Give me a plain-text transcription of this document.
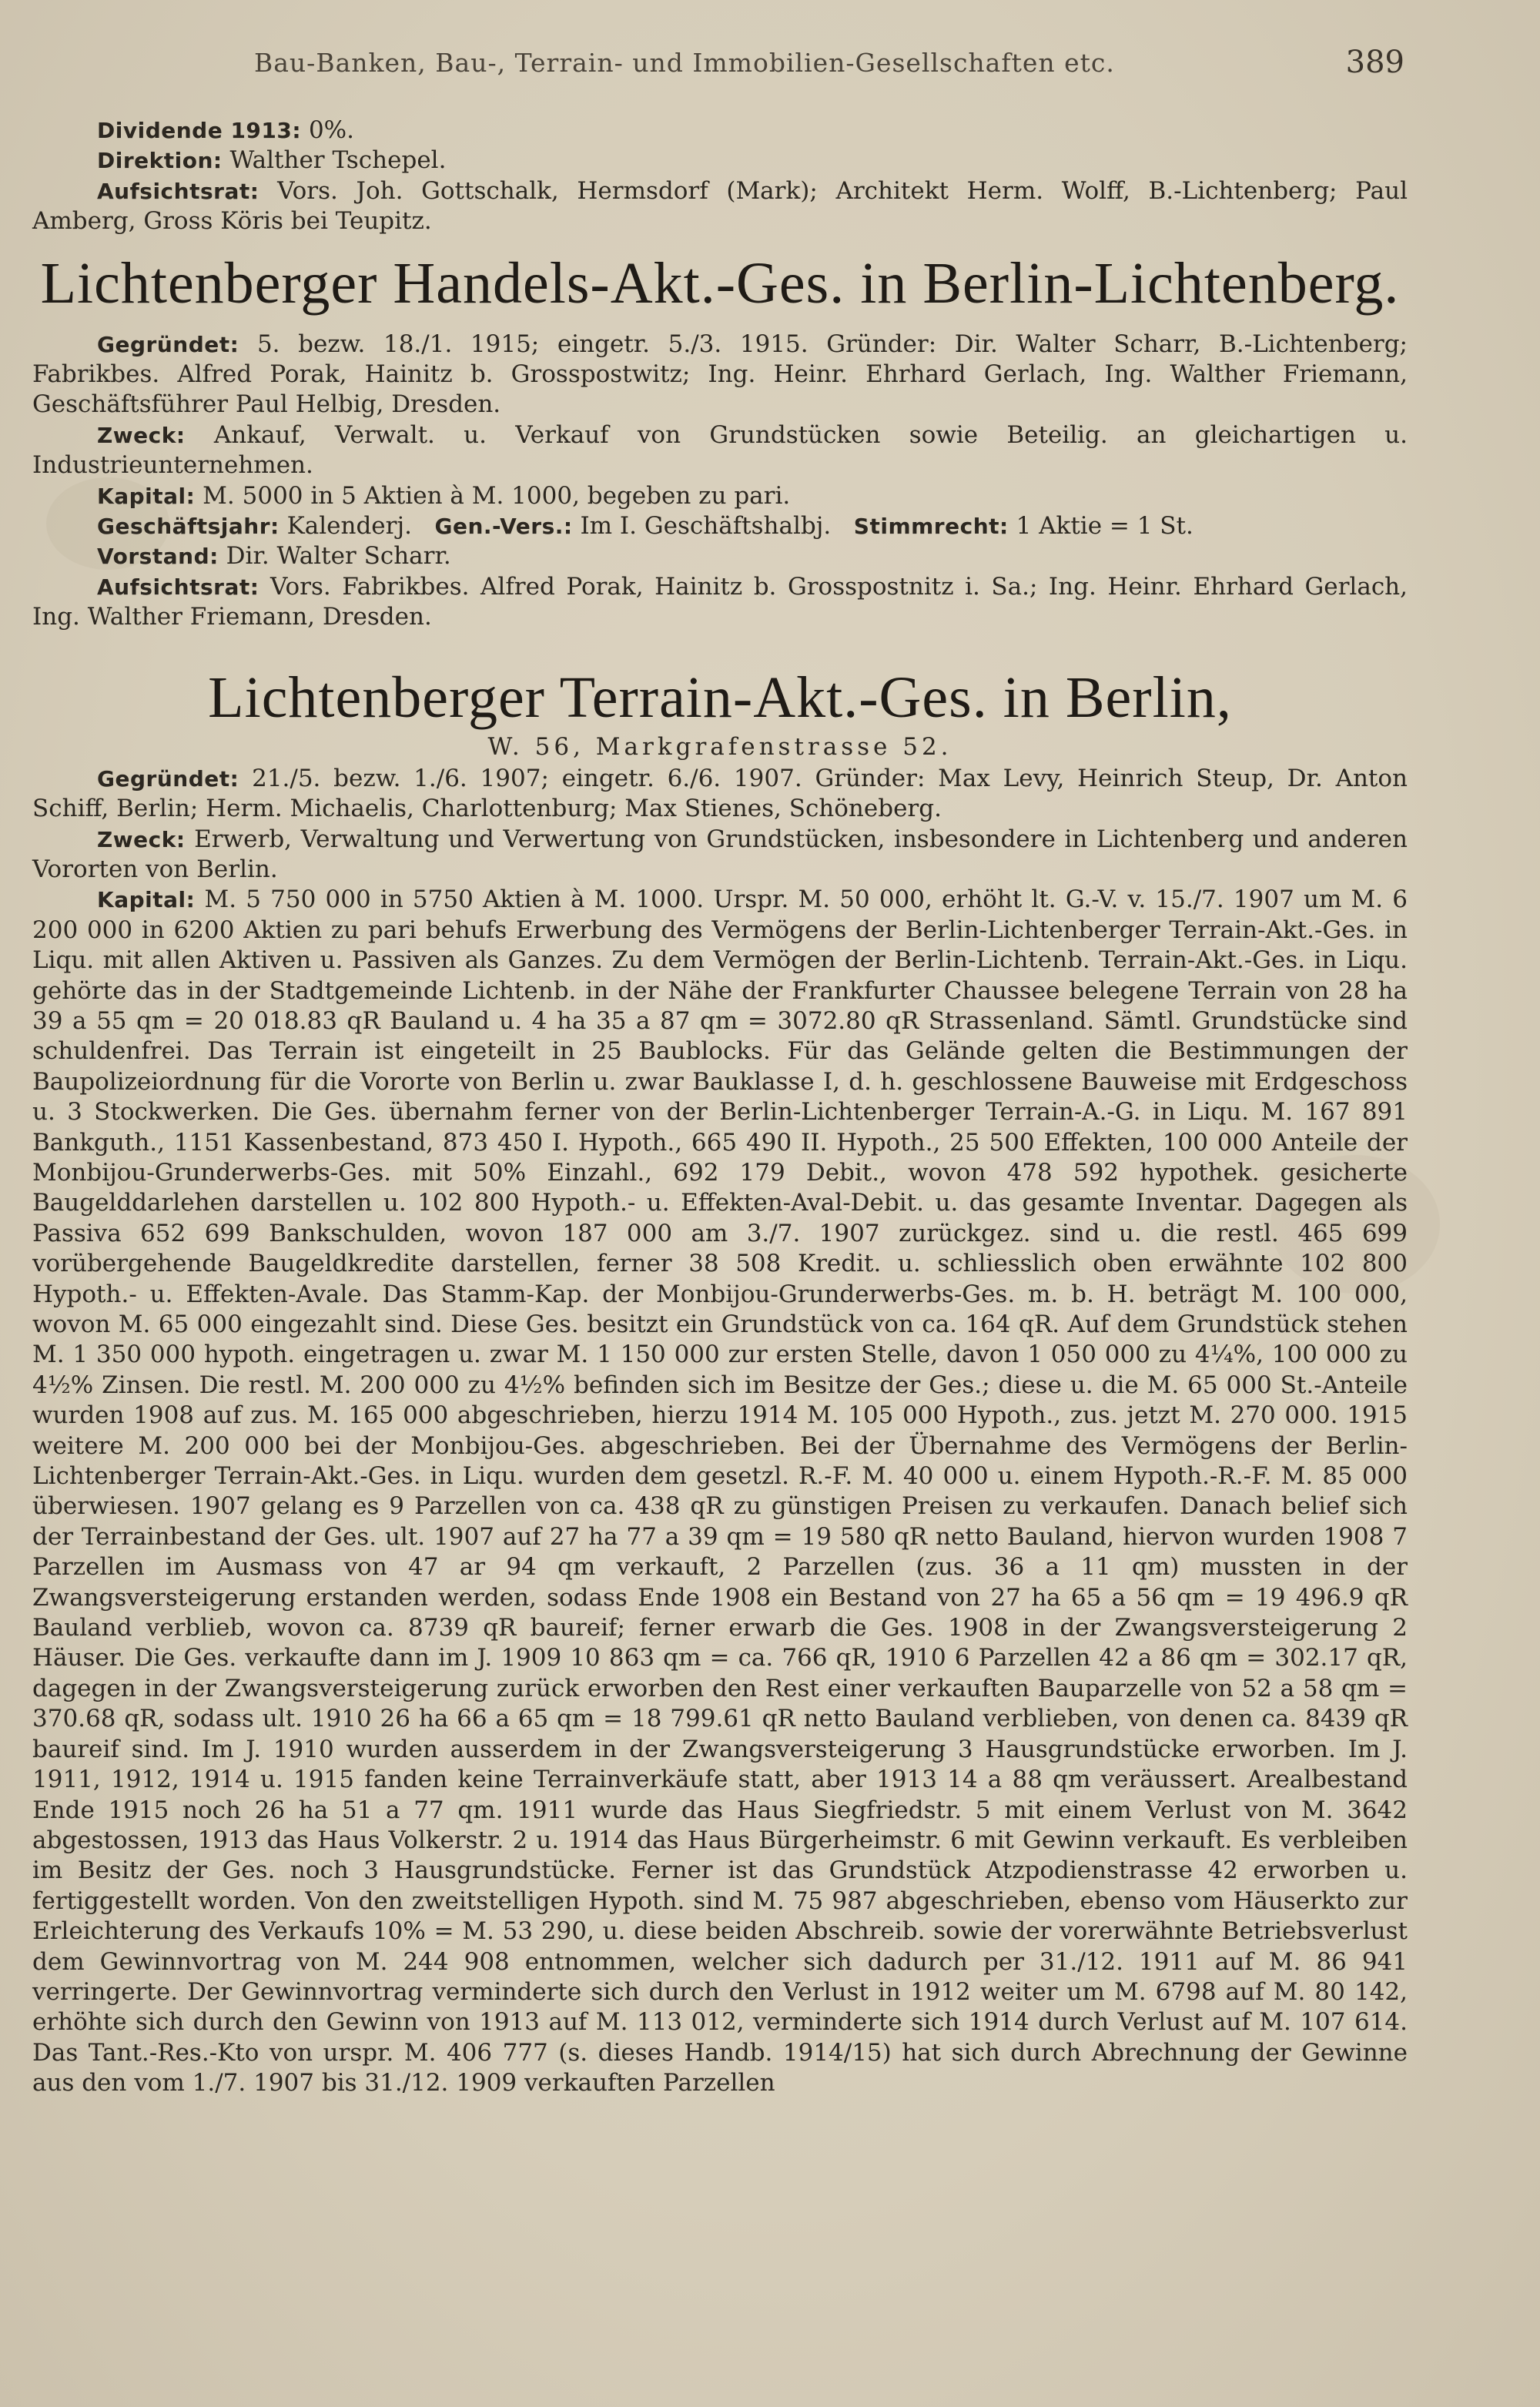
Bau-Banken, Bau-, Terrain- und Immobilien-Gesellschaften etc.	389

Dividende 1913: 0%.

Direktion: Walther Tschepel.

Aufsichtsrat: Vors. Joh. Gottschalk, Hermsdorf (Mark); Architekt Herm. Wolff, B.-Lichtenberg; Paul Amberg, Gross Köris bei Teupitz.

Lichtenberger Handels-Akt.-Ges. in Berlin-Lichtenberg.

Gegründet: 5. bezw. 18./1. 1915; eingetr. 5./3. 1915. Gründer: Dir. Walter Scharr, B.-Lichtenberg; Fabrikbes. Alfred Porak, Hainitz b. Grosspostwitz; Ing. Heinr. Ehrhard Gerlach, Ing. Walther Friemann, Geschäftsführer Paul Helbig, Dresden.

Zweck: Ankauf, Verwalt. u. Verkauf von Grundstücken sowie Beteilig. an gleichartigen u. Industrieunternehmen.

Kapital: M. 5000 in 5 Aktien à M. 1000, begeben zu pari.

Geschäftsjahr: Kalenderj. Gen.-Vers.: Im I. Geschäftshalbj. Stimmrecht: 1 Aktie = 1 St.

Vorstand: Dir. Walter Scharr.

Aufsichtsrat: Vors. Fabrikbes. Alfred Porak, Hainitz b. Grosspostnitz i. Sa.; Ing. Heinr. Ehrhard Gerlach, Ing. Walther Friemann, Dresden.

Lichtenberger Terrain-Akt.-Ges. in Berlin,
W. 56, Markgrafenstrasse 52.

Gegründet: 21./5. bezw. 1./6. 1907; eingetr. 6./6. 1907. Gründer: Max Levy, Heinrich Steup, Dr. Anton Schiff, Berlin; Herm. Michaelis, Charlottenburg; Max Stienes, Schöneberg.

Zweck: Erwerb, Verwaltung und Verwertung von Grundstücken, insbesondere in Lichtenberg und anderen Vororten von Berlin.

Kapital: M. 5 750 000 in 5750 Aktien à M. 1000. Urspr. M. 50 000, erhöht lt. G.-V. v. 15./7. 1907 um M. 6 200 000 in 6200 Aktien zu pari behufs Erwerbung des Vermögens der Berlin-Lichtenberger Terrain-Akt.-Ges. in Liqu. mit allen Aktiven u. Passiven als Ganzes. Zu dem Vermögen der Berlin-Lichtenb. Terrain-Akt.-Ges. in Liqu. gehörte das in der Stadtgemeinde Lichtenb. in der Nähe der Frankfurter Chaussee belegene Terrain von 28 ha 39 a 55 qm = 20 018.83 qR Bauland u. 4 ha 35 a 87 qm = 3072.80 qR Strassenland. Sämtl. Grundstücke sind schuldenfrei. Das Terrain ist eingeteilt in 25 Baublocks. Für das Gelände gelten die Bestimmungen der Baupolizeiordnung für die Vororte von Berlin u. zwar Bauklasse I, d. h. geschlossene Bauweise mit Erdgeschoss u. 3 Stockwerken. Die Ges. übernahm ferner von der Berlin-Lichtenberger Terrain-A.-G. in Liqu. M. 167 891 Bankguth., 1151 Kassenbestand, 873 450 I. Hypoth., 665 490 II. Hypoth., 25 500 Effekten, 100 000 Anteile der Monbijou-Grunderwerbs-Ges. mit 50% Einzahl., 692 179 Debit., wovon 478 592 hypothek. gesicherte Baugelddarlehen darstellen u. 102 800 Hypoth.- u. Effekten-Aval-Debit. u. das gesamte Inventar. Dagegen als Passiva 652 699 Bankschulden, wovon 187 000 am 3./7. 1907 zurückgez. sind u. die restl. 465 699 vorübergehende Baugeldkredite darstellen, ferner 38 508 Kredit. u. schliesslich oben erwähnte 102 800 Hypoth.- u. Effekten-Avale. Das Stamm-Kap. der Monbijou-Grunderwerbs-Ges. m. b. H. beträgt M. 100 000, wovon M. 65 000 eingezahlt sind. Diese Ges. besitzt ein Grundstück von ca. 164 qR. Auf dem Grundstück stehen M. 1 350 000 hypoth. eingetragen u. zwar M. 1 150 000 zur ersten Stelle, davon 1 050 000 zu 4¼%, 100 000 zu 4½% Zinsen. Die restl. M. 200 000 zu 4½% befinden sich im Besitze der Ges.; diese u. die M. 65 000 St.-Anteile wurden 1908 auf zus. M. 165 000 abgeschrieben, hierzu 1914 M. 105 000 Hypoth., zus. jetzt M. 270 000. 1915 weitere M. 200 000 bei der Monbijou-Ges. abgeschrieben. Bei der Übernahme des Vermögens der Berlin-Lichtenberger Terrain-Akt.-Ges. in Liqu. wurden dem gesetzl. R.-F. M. 40 000 u. einem Hypoth.-R.-F. M. 85 000 überwiesen. 1907 gelang es 9 Parzellen von ca. 438 qR zu günstigen Preisen zu verkaufen. Danach belief sich der Terrainbestand der Ges. ult. 1907 auf 27 ha 77 a 39 qm = 19 580 qR netto Bauland, hiervon wurden 1908 7 Parzellen im Ausmass von 47 ar 94 qm verkauft, 2 Parzellen (zus. 36 a 11 qm) mussten in der Zwangsversteigerung erstanden werden, sodass Ende 1908 ein Bestand von 27 ha 65 a 56 qm = 19 496.9 qR Bauland verblieb, wovon ca. 8739 qR baureif; ferner erwarb die Ges. 1908 in der Zwangsversteigerung 2 Häuser. Die Ges. verkaufte dann im J. 1909 10 863 qm = ca. 766 qR, 1910 6 Parzellen 42 a 86 qm = 302.17 qR, dagegen in der Zwangsversteigerung zurück erworben den Rest einer verkauften Bauparzelle von 52 a 58 qm = 370.68 qR, sodass ult. 1910 26 ha 66 a 65 qm = 18 799.61 qR netto Bauland verblieben, von denen ca. 8439 qR baureif sind. Im J. 1910 wurden ausserdem in der Zwangsversteigerung 3 Hausgrundstücke erworben. Im J. 1911, 1912, 1914 u. 1915 fanden keine Terrainverkäufe statt, aber 1913 14 a 88 qm veräussert. Arealbestand Ende 1915 noch 26 ha 51 a 77 qm. 1911 wurde das Haus Siegfriedstr. 5 mit einem Verlust von M. 3642 abgestossen, 1913 das Haus Volkerstr. 2 u. 1914 das Haus Bürgerheimstr. 6 mit Gewinn verkauft. Es verbleiben im Besitz der Ges. noch 3 Hausgrundstücke. Ferner ist das Grundstück Atzpodienstrasse 42 erworben u. fertiggestellt worden. Von den zweitstelligen Hypoth. sind M. 75 987 abgeschrieben, ebenso vom Häuserkto zur Erleichterung des Verkaufs 10% = M. 53 290, u. diese beiden Abschreib. sowie der vorerwähnte Betriebsverlust dem Gewinnvortrag von M. 244 908 entnommen, welcher sich dadurch per 31./12. 1911 auf M. 86 941 verringerte. Der Gewinnvortrag verminderte sich durch den Verlust in 1912 weiter um M. 6798 auf M. 80 142, erhöhte sich durch den Gewinn von 1913 auf M. 113 012, verminderte sich 1914 durch Verlust auf M. 107 614. Das Tant.-Res.-Kto von urspr. M. 406 777 (s. dieses Handb. 1914/15) hat sich durch Abrechnung der Gewinne aus den vom 1./7. 1907 bis 31./12. 1909 verkauften Parzellen
